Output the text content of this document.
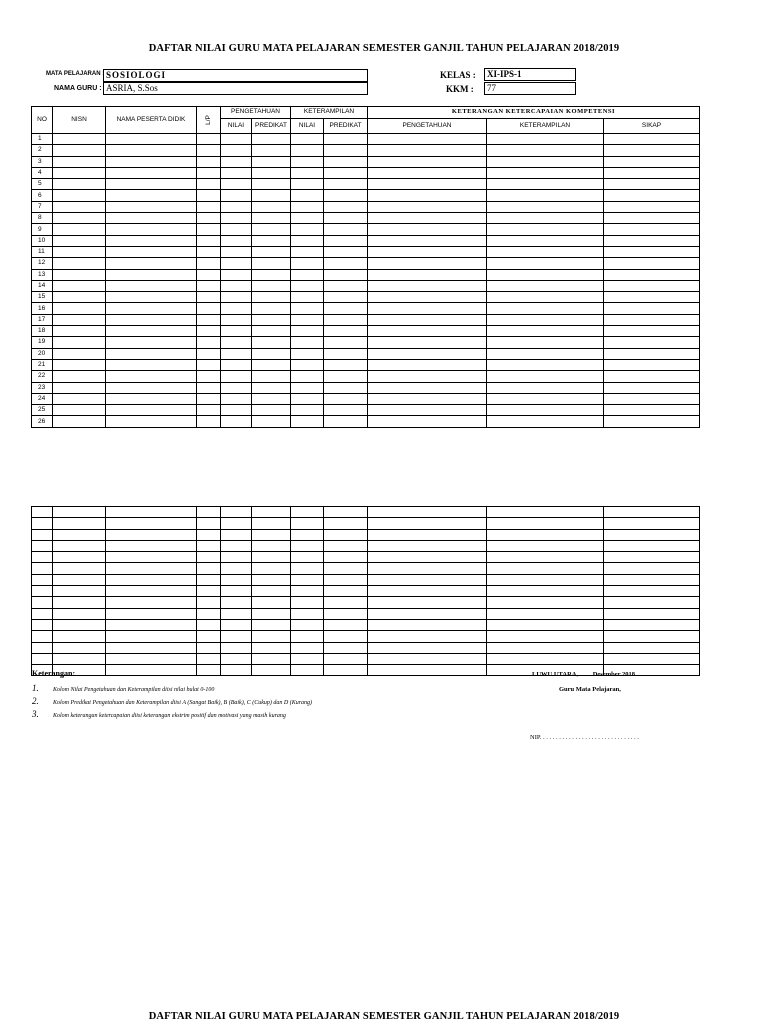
DAFTAR NILAI GURU MATA PELAJARAN SEMESTER GANJIL TAHUN PELAJARAN 2018/2019
MATA PELAJARAN : SOSIOLOGI
NAMA GURU : ASRIA, S.Sos
KELAS :	XI-IPS-1
KKM :	77
NO	NISN	NAMA PESERTA DIDIK	L/P	PENGETAHUAN		KETERAMPILAN		KETERANGAN KETERCAPAIAN KOMPETENSI		
				NILAI	PREDIKAT	NILAI	PREDIKAT	PENGETAHUAN	KETERAMPILAN	SIKAP
1										
2										
3										
4										
5										
6										
7										
8										
9										
10										
11										
12										
13										
14										
15										
16										
17										
18										
19										
20										
21										
22										
23										
24										
25										
26										

Keterangan:
1. Kolom Nilai Pengetahuan dan Keterampilan diisi nilai bulat 0-100
2. Kolom Predikat Pengetahuan dan Keterampilan diisi A (Sangat Baik), B (Baik), C (Cukup) dan D (Kurang)
3. Kolom keterangan ketercapaian diisi keterangan ekstrim positif dan motivasi yang masih kurang
LUWU UTARA, . . . . Desember 2018
Guru Mata Pelajaran,
NIP. . . . . . . . . . . . . . . . . . . . . . . . . . . . . . .
DAFTAR NILAI GURU MATA PELAJARAN SEMESTER GANJIL TAHUN PELAJARAN 2018/2019
